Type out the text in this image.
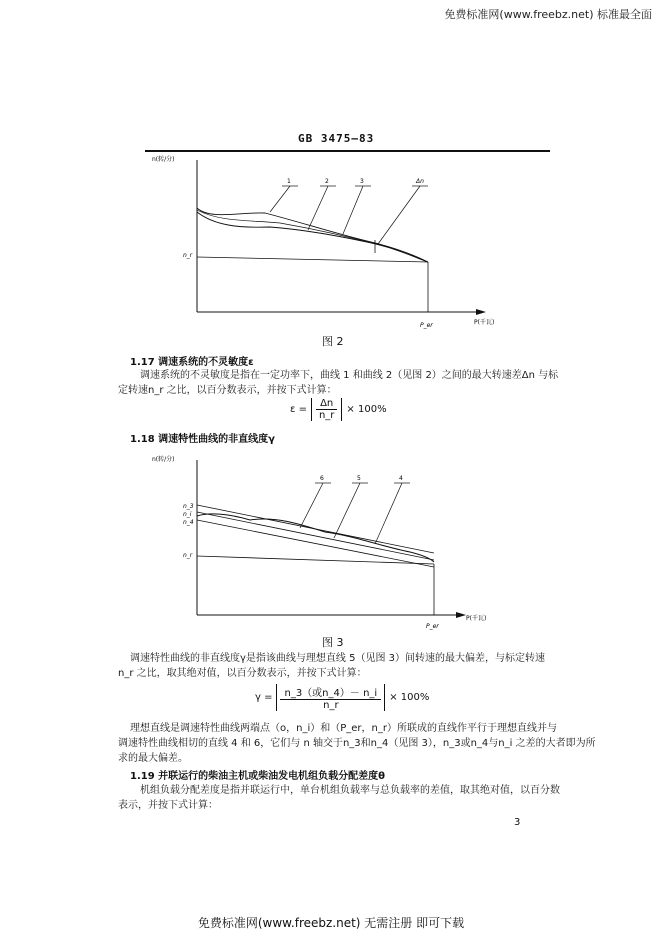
免费标准网(www.freebz.net) 标准最全面
GB 3475—83
n(转/分)
P(千瓦)
n_r
P_er
1	2	3	Δn
图 2
1.17 调速系统的不灵敏度ε
调速系统的不灵敏度是指在一定功率下，曲线 1 和曲线 2（见图 2）之间的最大转速差Δn 与标
定转速n_r 之比，以百分数表示，并按下式计算：
$\varepsilon = \frac{\Delta n}{n\_r} \times 100\%$
1.18 调速特性曲线的非直线度γ
n(转/分)
P(千瓦)
n_3
n_i
n_4
n_r
P_er
6	5	4
图 3
调速特性曲线的非直线度γ是指该曲线与理想直线 5（见图 3）间转速的最大偏差，与标定转速
n_r 之比，取其绝对值，以百分数表示，并按下式计算：
$\gamma = \frac{\text{n\_3（或n\_4）－ n\_i}}{n\_r} \times 100\%$
理想直线是调速特性曲线两端点（o，n_i）和（P_er，n_r）所联成的直线作平行于理想直线并与
调速特性曲线相切的直线 4 和 6，它们与 n 轴交于n_3和n_4（见图 3），n_3或n_4与n_i 之差的大者即为所
求的最大偏差。
1.19 并联运行的柴油主机或柴油发电机组负载分配差度θ
机组负载分配差度是指并联运行中，单台机组负载率与总负载率的差值，取其绝对值，以百分数
表示，并按下式计算：
3
免费标准网(www.freebz.net) 无需注册 即可下载
